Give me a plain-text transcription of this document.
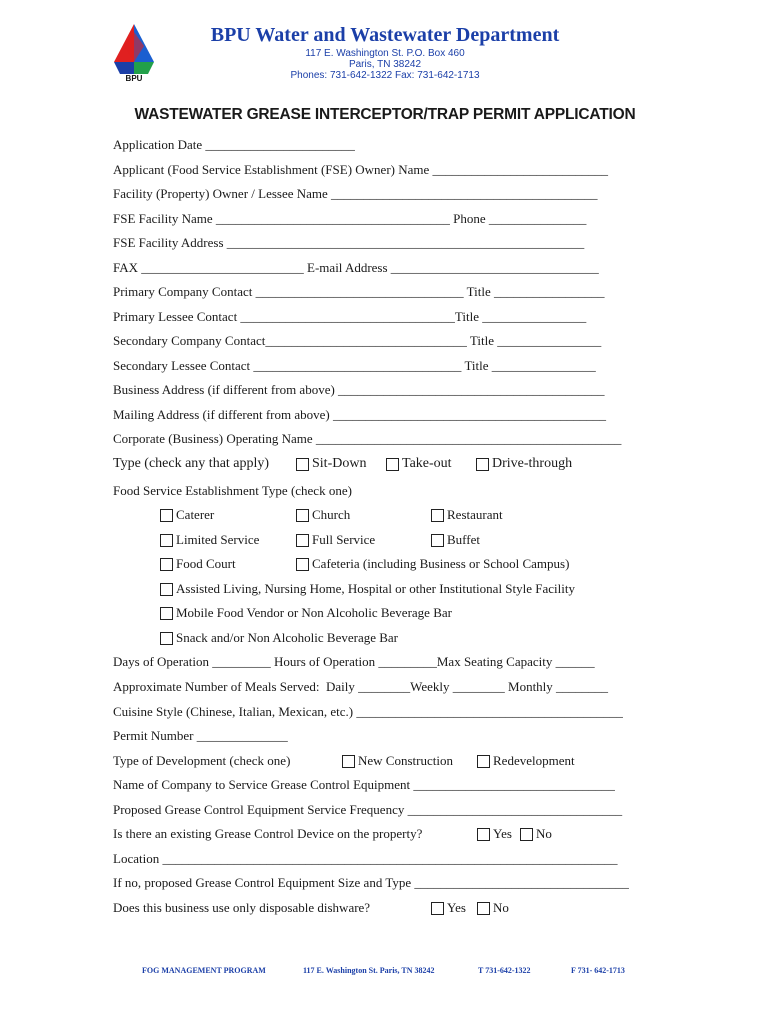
BPU
BPU Water and Wastewater Department
117 E. Washington St. P.O. Box 460
Paris, TN 38242
Phones: 731-642-1322 Fax: 731-642-1713
WASTEWATER GREASE INTERCEPTOR/TRAP PERMIT APPLICATION
Application Date _______________________
Applicant (Food Service Establishment (FSE) Owner) Name ___________________________
Facility (Property) Owner / Lessee Name _________________________________________
FSE Facility Name ____________________________________ Phone _______________
FSE Facility Address _______________________________________________________
FAX _________________________ E-mail Address ________________________________
Primary Company Contact ________________________________ Title _________________
Primary Lessee Contact _________________________________Title ________________
Secondary Company Contact_______________________________ Title ________________
Secondary Lessee Contact ________________________________ Title ________________
Business Address (if different from above) _________________________________________
Mailing Address (if different from above) __________________________________________
Corporate (Business) Operating Name _______________________________________________
Type (check any that apply)	Sit-Down	Take-out	Drive-through
Food Service Establishment Type (check one)
Caterer	Church	Restaurant
Limited Service	Full Service	Buffet
Food Court	Cafeteria (including Business or School Campus)
Assisted Living, Nursing Home, Hospital or other Institutional Style Facility
Mobile Food Vendor or Non Alcoholic Beverage Bar
Snack and/or Non Alcoholic Beverage Bar
Days of Operation _________ Hours of Operation _________Max Seating Capacity ______
Approximate Number of Meals Served:  Daily ________Weekly ________ Monthly ________
Cuisine Style (Chinese, Italian, Mexican, etc.) _________________________________________
Permit Number ______________
Type of Development (check one)	New Construction	Redevelopment
Name of Company to Service Grease Control Equipment _______________________________
Proposed Grease Control Equipment Service Frequency _________________________________
Is there an existing Grease Control Device on the property?	Yes No
Location ______________________________________________________________________
If no, proposed Grease Control Equipment Size and Type _________________________________
Does this business use only disposable dishware?	Yes No
FOG MANAGEMENT PROGRAM	117 E. Washington St. Paris, TN 38242	T 731-642-1322	F 731- 642-1713
